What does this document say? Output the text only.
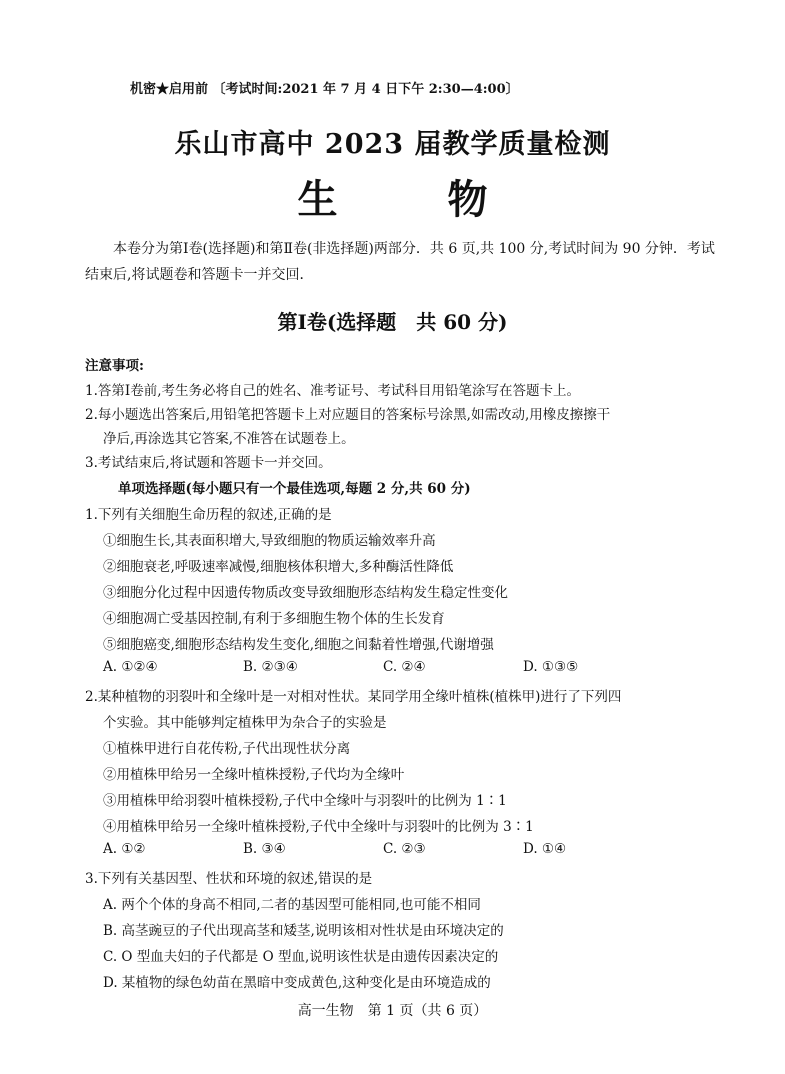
机密★启用前 〔考试时间:2021 年 7 月 4 日下午 2:30—4:00〕
乐山市高中 2023 届教学质量检测
生	物
本卷分为第Ⅰ卷(选择题)和第Ⅱ卷(非选择题)两部分．共 6 页,共 100 分,考试时间为 90 分钟．考试结束后,将试题卷和答题卡一并交回．
第Ⅰ卷(选择题　共 60 分)
注意事项:
1.答第Ⅰ卷前,考生务必将自己的姓名、准考证号、考试科目用铅笔涂写在答题卡上。
2.每小题选出答案后,用铅笔把答题卡上对应题目的答案标号涂黑,如需改动,用橡皮擦擦干
净后,再涂选其它答案,不准答在试题卷上。
3.考试结束后,将试题和答题卡一并交回。
单项选择题(每小题只有一个最佳选项,每题 2 分,共 60 分)
1.下列有关细胞生命历程的叙述,正确的是
①细胞生长,其表面积增大,导致细胞的物质运输效率升高
②细胞衰老,呼吸速率减慢,细胞核体积增大,多种酶活性降低
③细胞分化过程中因遗传物质改变导致细胞形态结构发生稳定性变化
④细胞凋亡受基因控制,有利于多细胞生物个体的生长发育
⑤细胞癌变,细胞形态结构发生变化,细胞之间黏着性增强,代谢增强
A. ①②④	B. ②③④	C. ②④	D. ①③⑤
2.某种植物的羽裂叶和全缘叶是一对相对性状。某同学用全缘叶植株(植株甲)进行了下列四
个实验。其中能够判定植株甲为杂合子的实验是
①植株甲进行自花传粉,子代出现性状分离
②用植株甲给另一全缘叶植株授粉,子代均为全缘叶
③用植株甲给羽裂叶植株授粉,子代中全缘叶与羽裂叶的比例为 1∶1
④用植株甲给另一全缘叶植株授粉,子代中全缘叶与羽裂叶的比例为 3∶1
A. ①②	B. ③④	C. ②③	D. ①④
3.下列有关基因型、性状和环境的叙述,错误的是
A. 两个个体的身高不相同,二者的基因型可能相同,也可能不相同
B. 高茎豌豆的子代出现高茎和矮茎,说明该相对性状是由环境决定的
C. O 型血夫妇的子代都是 O 型血,说明该性状是由遗传因素决定的
D. 某植物的绿色幼苗在黑暗中变成黄色,这种变化是由环境造成的
高一生物　第 1 页（共 6 页）
